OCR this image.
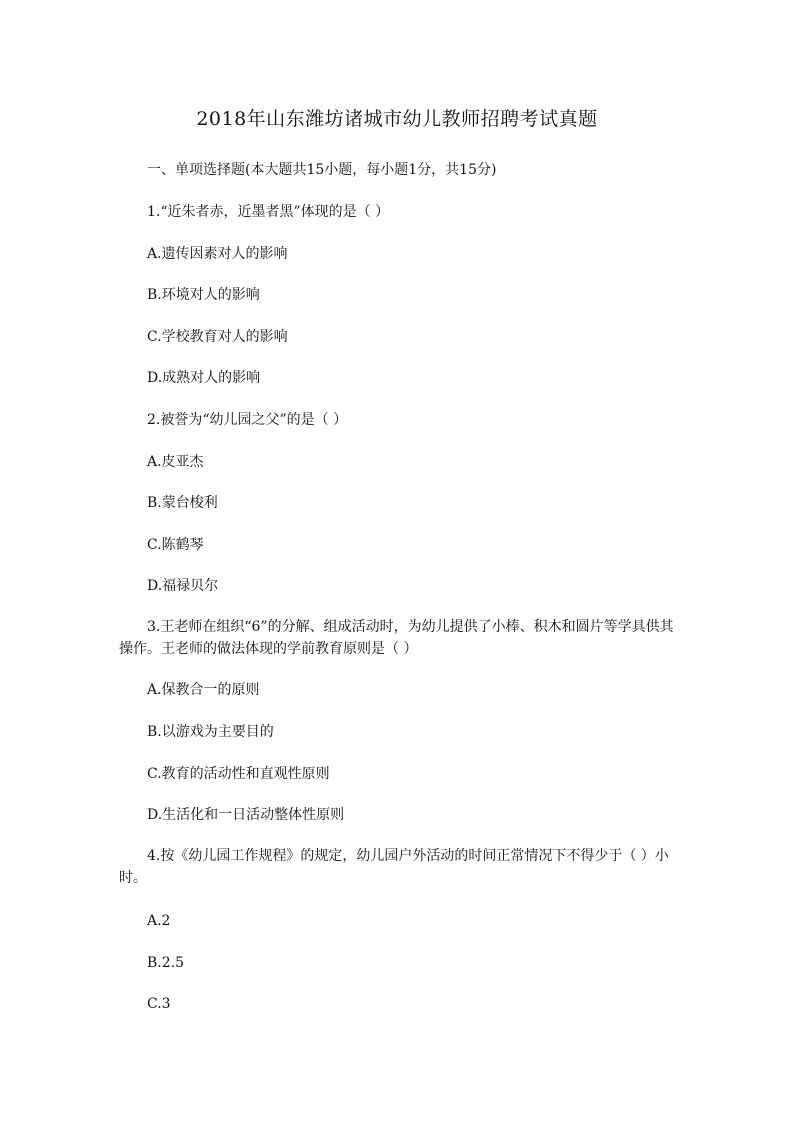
2018年山东潍坊诸城市幼儿教师招聘考试真题
一、单项选择题(本大题共15小题，每小题1分，共15分)
1.“近朱者赤，近墨者黑”体现的是（ ）
A.遗传因素对人的影响
B.环境对人的影响
C.学校教育对人的影响
D.成熟对人的影响
2.被誉为“幼儿园之父”的是（ ）
A.皮亚杰
B.蒙台梭利
C.陈鹤琴
D.福禄贝尔
3.王老师在组织“6”的分解、组成活动时，为幼儿提供了小棒、积木和圆片等学具供其操作。王老师的做法体现的学前教育原则是（ ）
A.保教合一的原则
B.以游戏为主要目的
C.教育的活动性和直观性原则
D.生活化和一日活动整体性原则
4.按《幼儿园工作规程》的规定，幼儿园户外活动的时间正常情况下不得少于（ ）小时。
A.2
B.2.5
C.3
